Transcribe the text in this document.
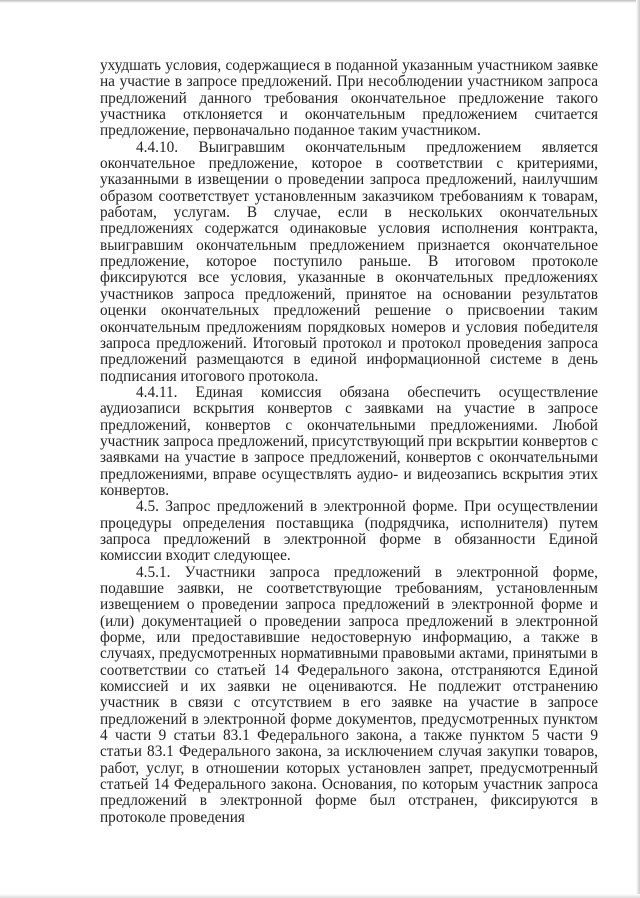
ухудшать условия, содержащиеся в поданной указанным участником заявке на участие в запросе предложений. При несоблюдении участником запроса предложений данного требования окончательное предложение такого участника отклоняется и окончательным предложением считается предложение, первоначально поданное таким участником.

4.4.10. Выигравшим окончательным предложением является окончательное предложение, которое в соответствии с критериями, указанными в извещении о проведении запроса предложений, наилучшим образом соответствует установленным заказчиком требованиям к товарам, работам, услугам. В случае, если в нескольких окончательных предложениях содержатся одинаковые условия исполнения контракта, выигравшим окончательным предложением признается окончательное предложение, которое поступило раньше. В итоговом протоколе фиксируются все условия, указанные в окончательных предложениях участников запроса предложений, принятое на основании результатов оценки окончательных предложений решение о присвоении таким окончательным предложениям порядковых номеров и условия победителя запроса предложений. Итоговый протокол и протокол проведения запроса предложений размещаются в единой информационной системе в день подписания итогового протокола.

4.4.11. Единая комиссия обязана обеспечить осуществление аудиозаписи вскрытия конвертов с заявками на участие в запросе предложений, конвертов с окончательными предложениями. Любой участник запроса предложений, присутствующий при вскрытии конвертов с заявками на участие в запросе предложений, конвертов с окончательными предложениями, вправе осуществлять аудио- и видеозапись вскрытия этих конвертов.

4.5. Запрос предложений в электронной форме. При осуществлении процедуры определения поставщика (подрядчика, исполнителя) путем запроса предложений в электронной форме в обязанности Единой комиссии входит следующее.

4.5.1. Участники запроса предложений в электронной форме, подавшие заявки, не соответствующие требованиям, установленным извещением о проведении запроса предложений в электронной форме и (или) документацией о проведении запроса предложений в электронной форме, или предоставившие недостоверную информацию, а также в случаях, предусмотренных нормативными правовыми актами, принятыми в соответствии со статьей 14 Федерального закона, отстраняются Единой комиссией и их заявки не оцениваются. Не подлежит отстранению участник в связи с отсутствием в его заявке на участие в запросе предложений в электронной форме документов, предусмотренных пунктом 4 части 9 статьи 83.1 Федерального закона, а также пунктом 5 части 9 статьи 83.1 Федерального закона, за исключением случая закупки товаров, работ, услуг, в отношении которых установлен запрет, предусмотренный статьей 14 Федерального закона. Основания, по которым участник запроса предложений в электронной форме был отстранен, фиксируются в протоколе проведения
